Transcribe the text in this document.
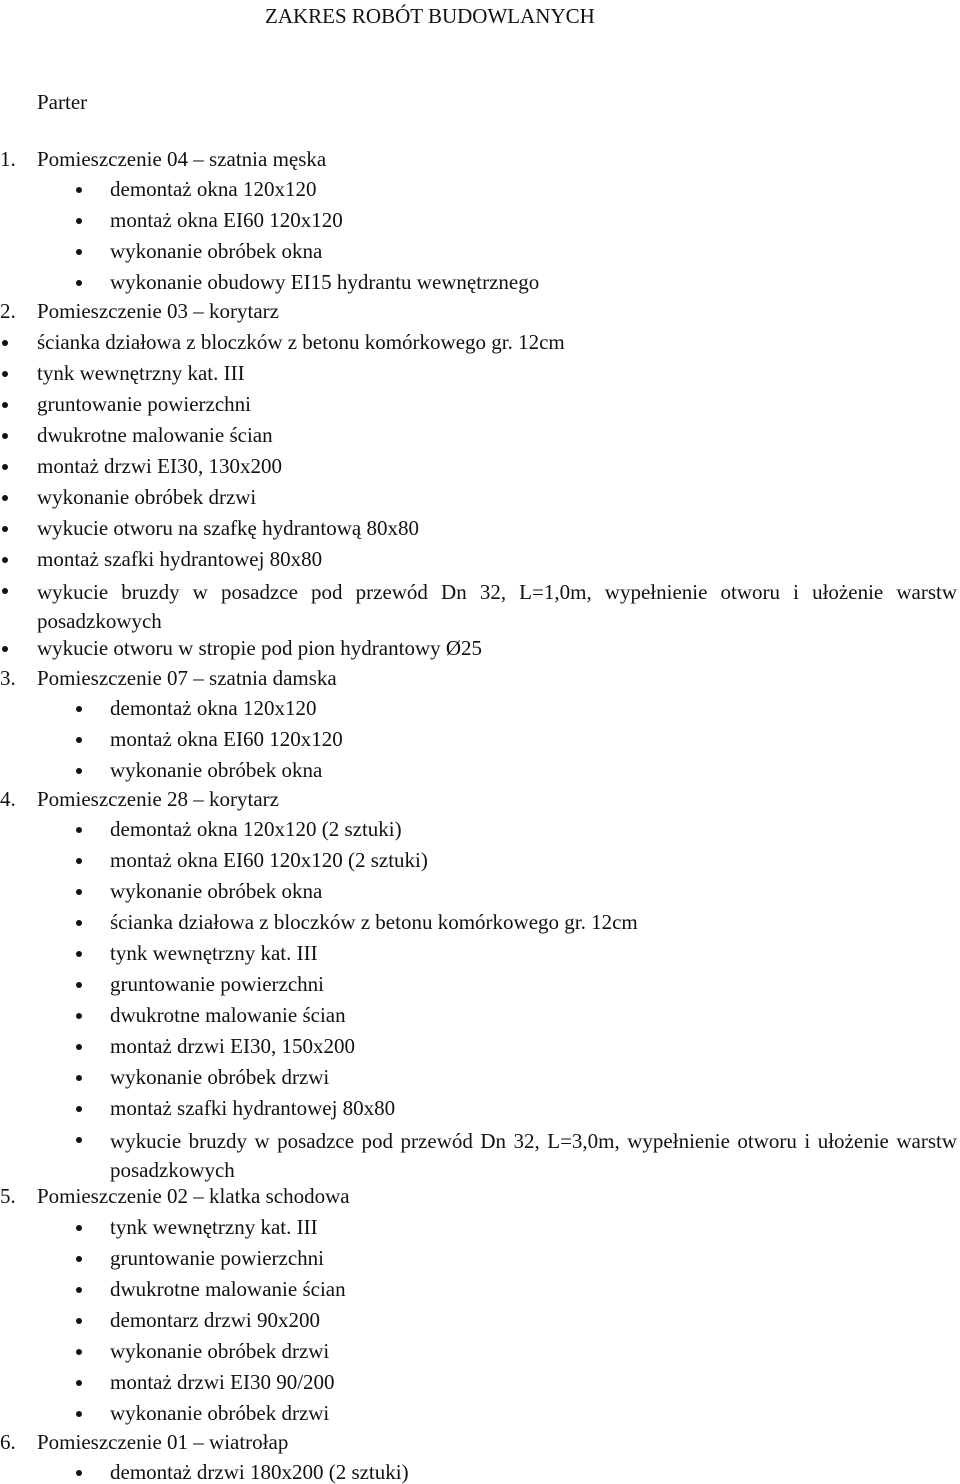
ZAKRES ROBÓT BUDOWLANYCH
Parter
1. Pomieszczenie 04 – szatnia męska
demontaż okna 120x120
montaż okna EI60 120x120
wykonanie obróbek okna
wykonanie obudowy EI15 hydrantu wewnętrznego
2. Pomieszczenie 03 – korytarz
ścianka działowa z bloczków z betonu komórkowego gr. 12cm
tynk wewnętrzny kat. III
gruntowanie powierzchni
dwukrotne malowanie ścian
montaż drzwi EI30, 130x200
wykonanie obróbek drzwi
wykucie otworu na szafkę hydrantową 80x80
montaż szafki hydrantowej 80x80
wykucie bruzdy w posadzce pod przewód Dn 32, L=1,0m, wypełnienie otworu i ułożenie warstw posadzkowych
wykucie otworu w stropie pod pion hydrantowy Ø25
3. Pomieszczenie 07 – szatnia damska
demontaż okna 120x120
montaż okna EI60 120x120
wykonanie obróbek okna
4. Pomieszczenie 28 – korytarz
demontaż okna 120x120 (2 sztuki)
montaż okna EI60 120x120 (2 sztuki)
wykonanie obróbek okna
ścianka działowa z bloczków z betonu komórkowego gr. 12cm
tynk wewnętrzny kat. III
gruntowanie powierzchni
dwukrotne malowanie ścian
montaż drzwi EI30, 150x200
wykonanie obróbek drzwi
montaż szafki hydrantowej 80x80
wykucie bruzdy w posadzce pod przewód Dn 32, L=3,0m, wypełnienie otworu i ułożenie warstw posadzkowych
5. Pomieszczenie 02 – klatka schodowa
tynk wewnętrzny kat. III
gruntowanie powierzchni
dwukrotne malowanie ścian
demontarz drzwi 90x200
wykonanie obróbek drzwi
montaż drzwi EI30 90/200
wykonanie obróbek drzwi
6. Pomieszczenie 01 – wiatrołap
demontaż drzwi 180x200 (2 sztuki)
